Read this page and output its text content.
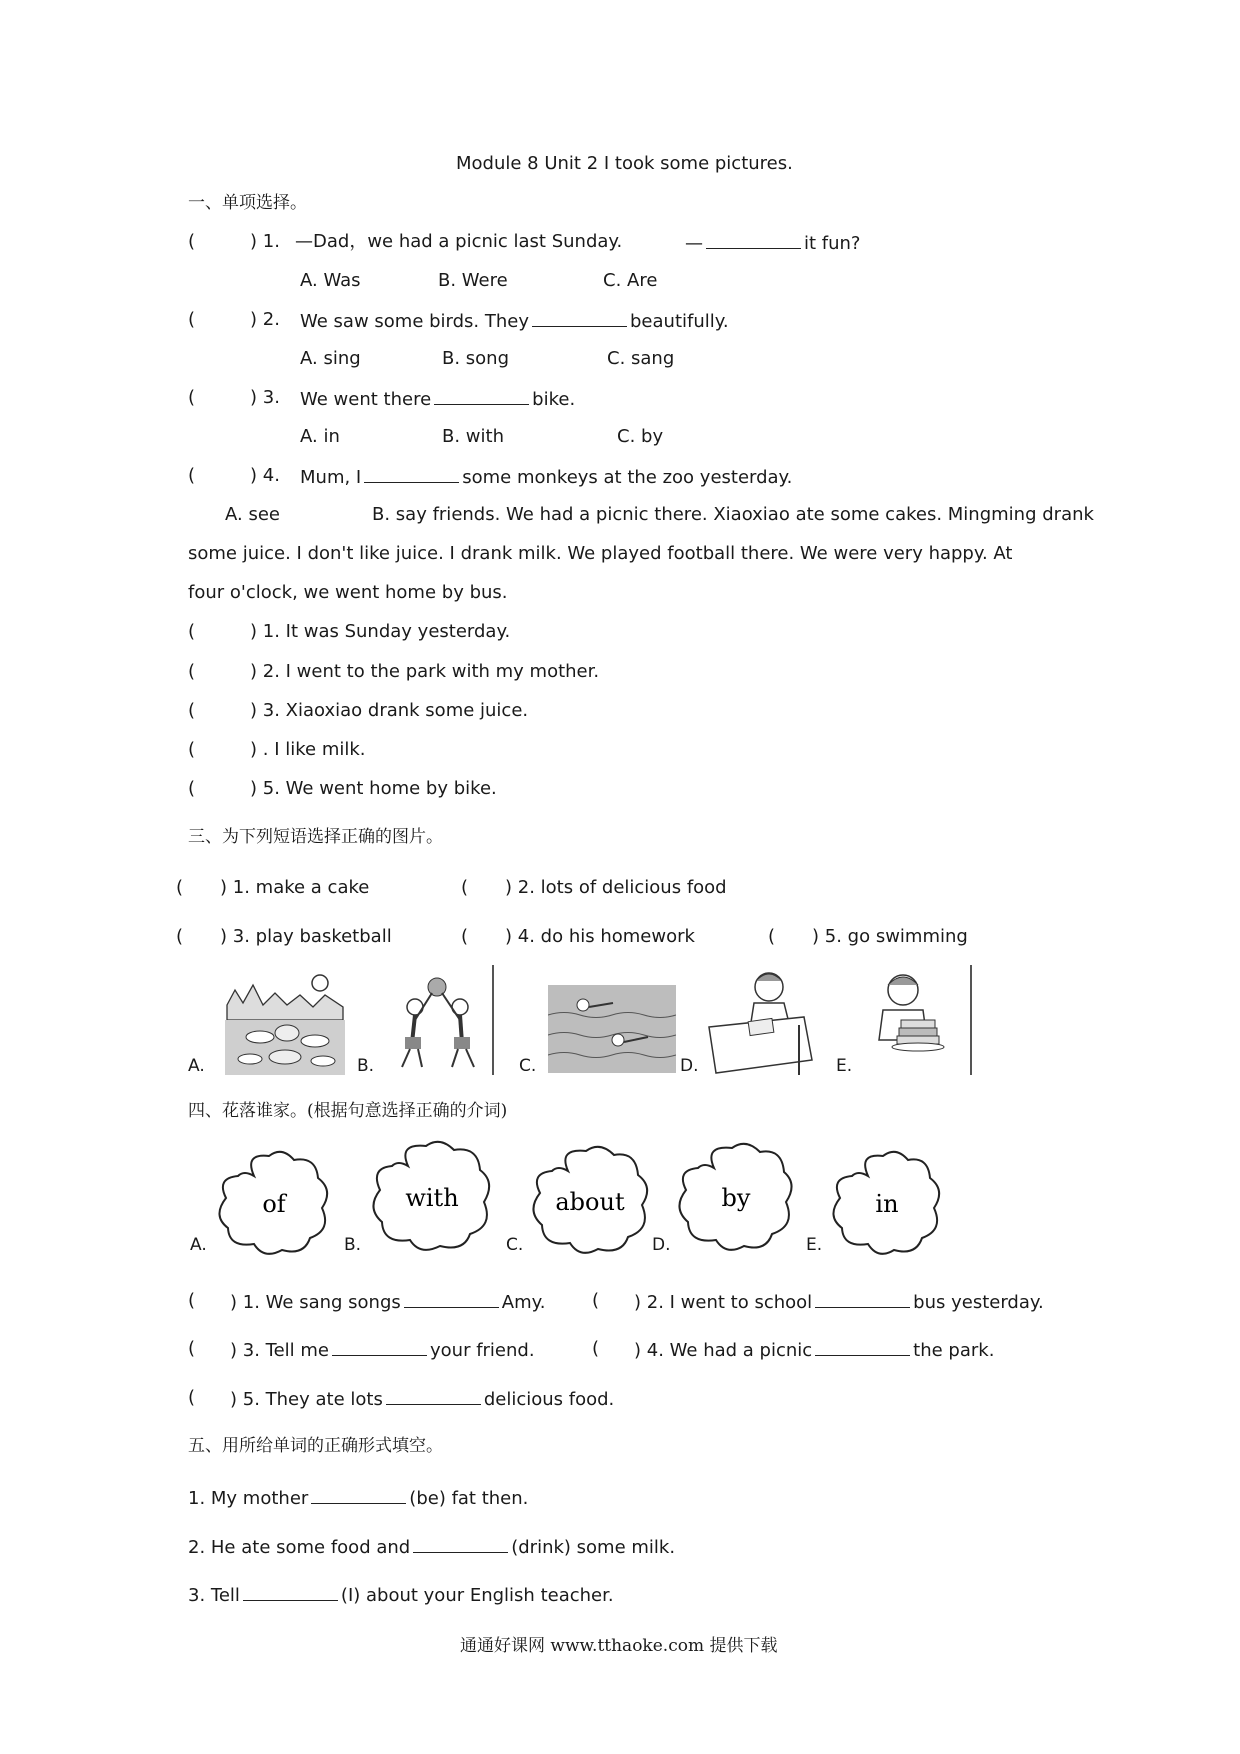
Module 8 Unit 2 I took some pictures.
一、单项选择。
(	) 1. —Dad，we had a picnic last Sunday.	—	it fun?
A. Was	B. Were	C. Are
(	) 2. We saw some birds. They	beautifully.
A. sing	B. song	C. sang
(	) 3. We went there	bike.
A. in	B. with	C. by
(	) 4. Mum, I	some monkeys at the zoo yesterday.
A. see	B. say friends. We had a picnic there. Xiaoxiao ate some cakes. Mingming drank
some juice. I don't like juice. I drank milk. We played football there. We were very happy. At
four o'clock, we went home by bus.
(	) 1. It was Sunday yesterday.
(	) 2. I went to the park with my mother.
(	) 3. Xiaoxiao drank some juice.
(	) . I like milk.
(	) 5. We went home by bike.
三、为下列短语选择正确的图片。
( ) 1. make a cake	( ) 2. lots of delicious food
( ) 3. play basketball	( ) 4. do his homework	( ) 5. go swimming
A.	B.	C.	D.	E.
四、花落谁家。(根据句意选择正确的介词)
of	with	about	by	in
A.	B.	C.	D.	E.
( ) 1. We sang songs	Amy.	( ) 2. I went to school	bus yesterday.
( ) 3. Tell me	your friend.	( ) 4. We had a picnic	the park.
( ) 5. They ate lots	delicious food.
五、用所给单词的正确形式填空。
1. My mother	(be) fat then.
2. He ate some food and	(drink) some milk.
3. Tell	(I) about your English teacher.
通通好课网 www.tthaoke.com 提供下载
